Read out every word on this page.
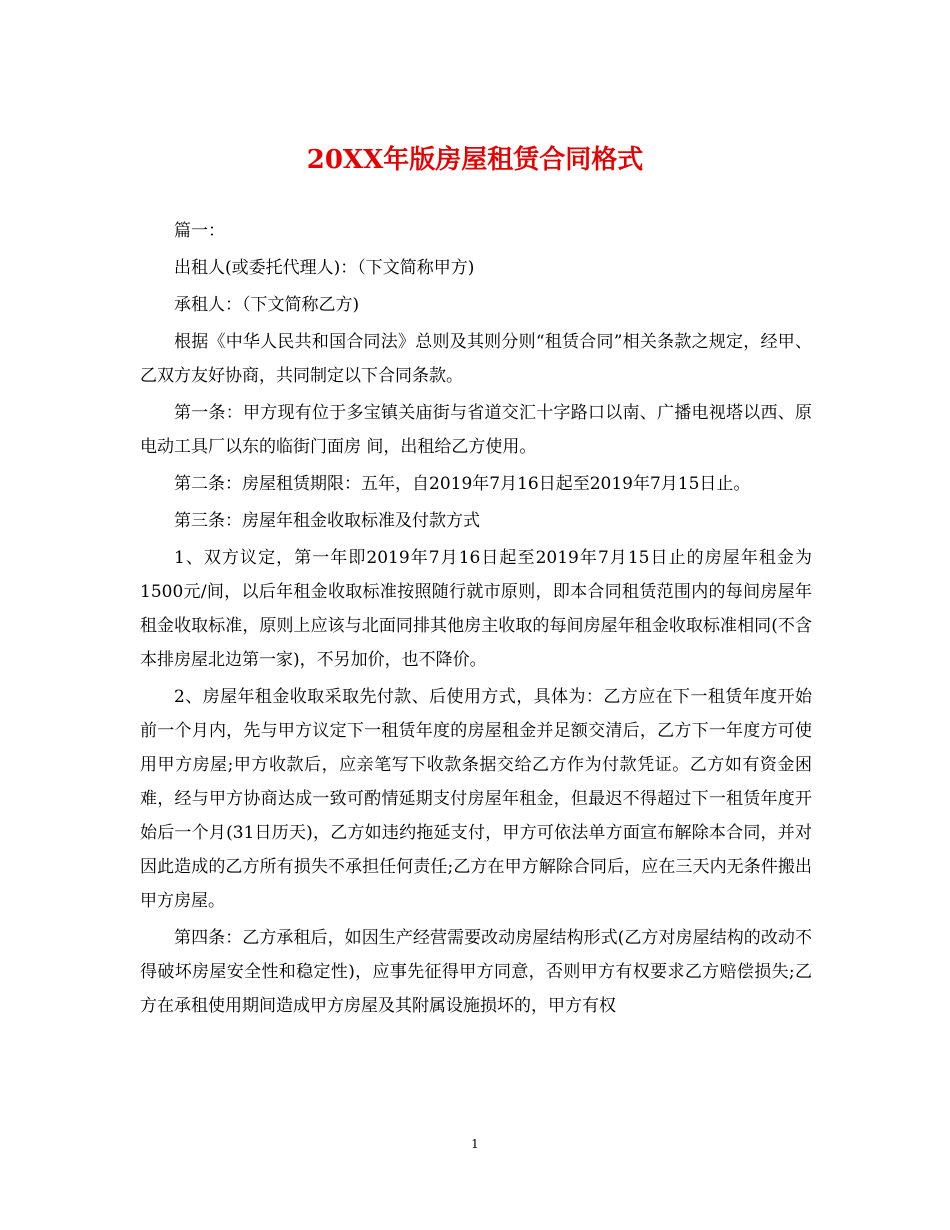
20XX年版房屋租赁合同格式

篇一：

出租人(或委托代理人)：（下文简称甲方)

承租人：（下文简称乙方)

根据《中华人民共和国合同法》总则及其则分则“租赁合同”相关条款之规定，经甲、乙双方友好协商，共同制定以下合同条款。

第一条：甲方现有位于多宝镇关庙街与省道交汇十字路口以南、广播电视塔以西、原电动工具厂以东的临街门面房 间，出租给乙方使用。

第二条：房屋租赁期限：五年，自2019年7月16日起至2019年7月15日止。

第三条：房屋年租金收取标准及付款方式

1、双方议定，第一年即2019年7月16日起至2019年7月15日止的房屋年租金为1500元/间，以后年租金收取标准按照随行就市原则，即本合同租赁范围内的每间房屋年租金收取标准，原则上应该与北面同排其他房主收取的每间房屋年租金收取标准相同(不含本排房屋北边第一家)，不另加价，也不降价。

2、房屋年租金收取采取先付款、后使用方式，具体为：乙方应在下一租赁年度开始前一个月内，先与甲方议定下一租赁年度的房屋租金并足额交清后，乙方下一年度方可使用甲方房屋;甲方收款后，应亲笔写下收款条据交给乙方作为付款凭证。乙方如有资金困难，经与甲方协商达成一致可酌情延期支付房屋年租金，但最迟不得超过下一租赁年度开始后一个月(31日历天)，乙方如违约拖延支付，甲方可依法单方面宣布解除本合同，并对因此造成的乙方所有损失不承担任何责任;乙方在甲方解除合同后，应在三天内无条件搬出甲方房屋。

第四条：乙方承租后，如因生产经营需要改动房屋结构形式(乙方对房屋结构的改动不得破坏房屋安全性和稳定性)，应事先征得甲方同意，否则甲方有权要求乙方赔偿损失;乙方在承租使用期间造成甲方房屋及其附属设施损坏的，甲方有权

1
